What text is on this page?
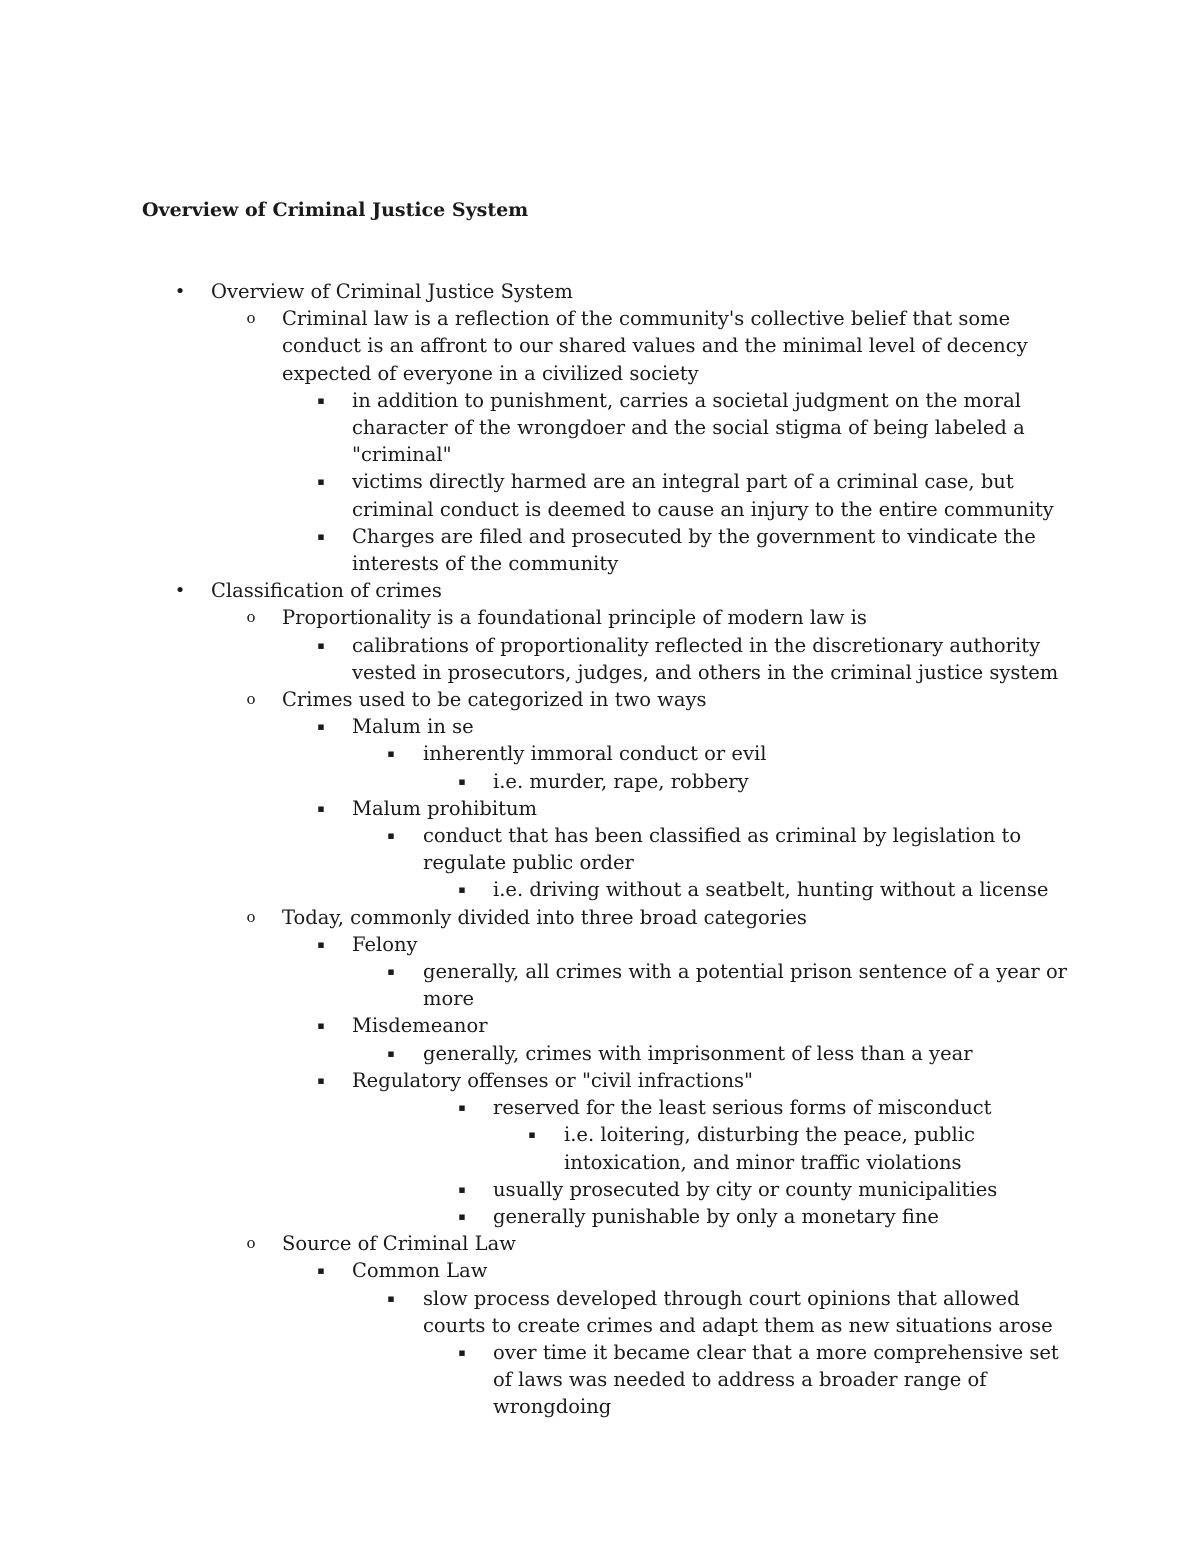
Overview of Criminal Justice System
• Overview of Criminal Justice System
o Criminal law is a reflection of the community's collective belief that some conduct is an affront to our shared values and the minimal level of decency expected of everyone in a civilized society
▪ in addition to punishment, carries a societal judgment on the moral character of the wrongdoer and the social stigma of being labeled a "criminal"
▪ victims directly harmed are an integral part of a criminal case, but criminal conduct is deemed to cause an injury to the entire community
▪ Charges are filed and prosecuted by the government to vindicate the interests of the community
• Classification of crimes
o Proportionality is a foundational principle of modern law is
▪ calibrations of proportionality reflected in the discretionary authority vested in prosecutors, judges, and others in the criminal justice system
o Crimes used to be categorized in two ways
▪ Malum in se
▪ inherently immoral conduct or evil
▪ i.e. murder, rape, robbery
▪ Malum prohibitum
▪ conduct that has been classified as criminal by legislation to regulate public order
▪ i.e. driving without a seatbelt, hunting without a license
o Today, commonly divided into three broad categories
▪ Felony
▪ generally, all crimes with a potential prison sentence of a year or more
▪ Misdemeanor
▪ generally, crimes with imprisonment of less than a year
▪ Regulatory offenses or "civil infractions"
▪ reserved for the least serious forms of misconduct
▪ i.e. loitering, disturbing the peace, public intoxication, and minor traffic violations
▪ usually prosecuted by city or county municipalities
▪ generally punishable by only a monetary fine
o Source of Criminal Law
▪ Common Law
▪ slow process developed through court opinions that allowed courts to create crimes and adapt them as new situations arose
▪ over time it became clear that a more comprehensive set of laws was needed to address a broader range of wrongdoing
